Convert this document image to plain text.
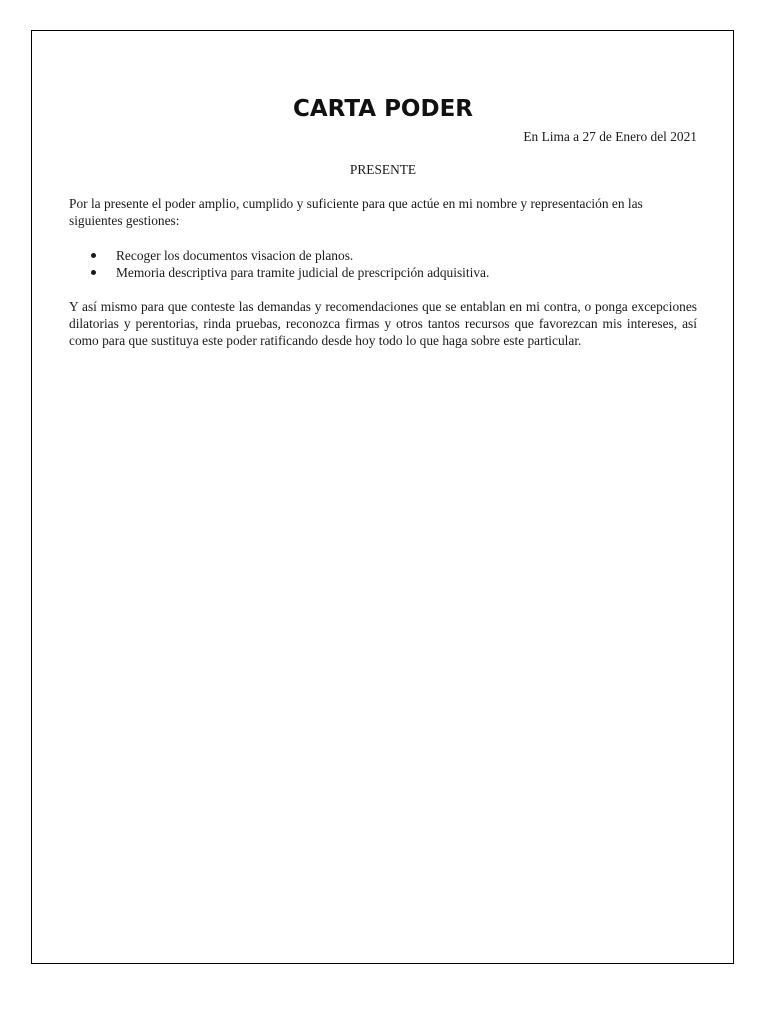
CARTA PODER

En Lima a 27 de Enero del 2021

PRESENTE

Por la presente el poder amplio, cumplido y suficiente para que actúe en mi nombre y representación en las siguientes gestiones:

Recoger los documentos visacion de planos.
Memoria descriptiva para tramite judicial de prescripción adquisitiva.

Y así mismo para que conteste las demandas y recomendaciones que se entablan en mi contra, o ponga excepciones dilatorias y perentorias, rinda pruebas, reconozca firmas y otros tantos recursos que favorezcan mis intereses, así como para que sustituya este poder ratificando desde hoy todo lo que haga sobre este particular.
